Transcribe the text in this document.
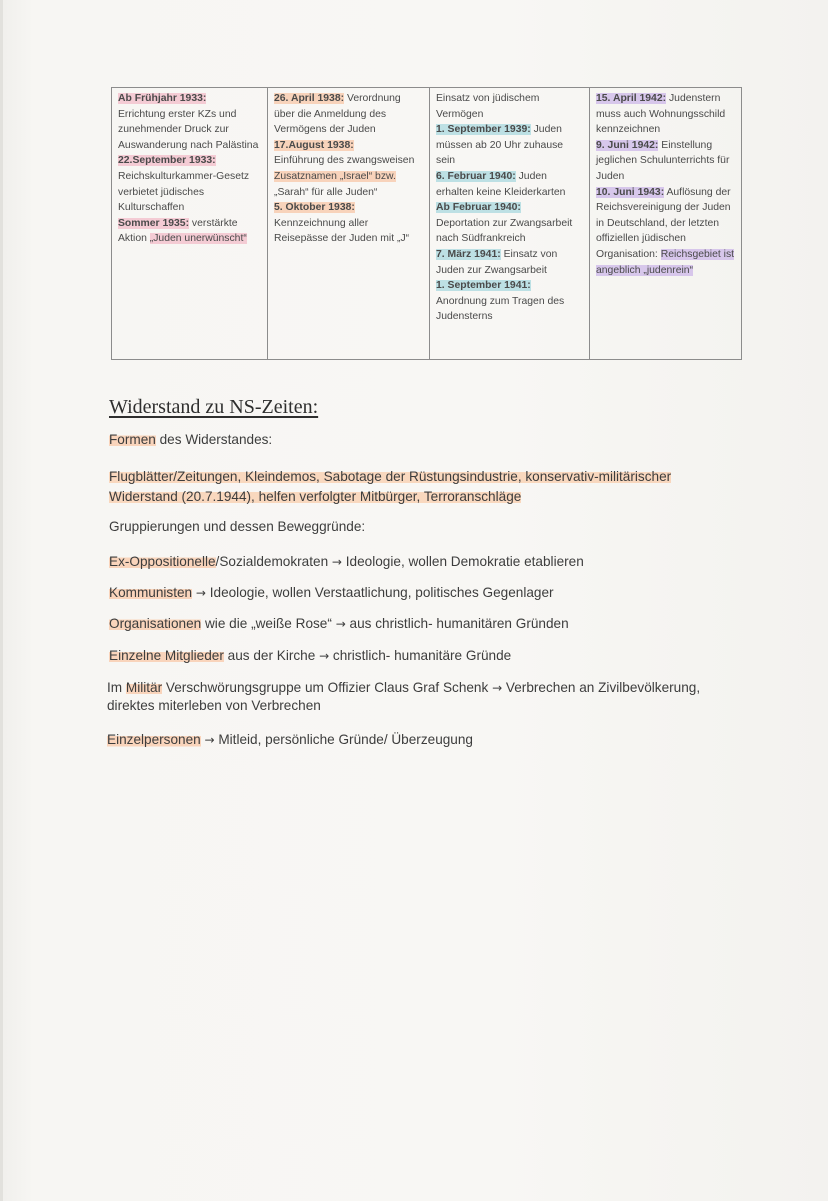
Ab Frühjahr 1933:
Errichtung erster KZs und zunehmender Druck zur Auswanderung nach Palästina
22.September 1933:
Reichskulturkammer-Gesetz verbietet jüdisches Kulturschaffen
Sommer 1935: verstärkte Aktion „Juden unerwünscht“	26. April 1938: Verordnung über die Anmeldung des Vermögens der Juden
17.August 1938:
Einführung des zwangsweisen Zusatznamen „Israel“ bzw. „Sarah“ für alle Juden“
5. Oktober 1938:
Kennzeichnung aller Reisepässe der Juden mit „J“	Einsatz von jüdischem Vermögen
1. September 1939: Juden müssen ab 20 Uhr zuhause sein
6. Februar 1940: Juden erhalten keine Kleiderkarten
Ab Februar 1940:
Deportation zur Zwangsarbeit nach Südfrankreich
7. März 1941: Einsatz von Juden zur Zwangsarbeit
1. September 1941:
Anordnung zum Tragen des Judensterns	15. April 1942: Judenstern muss auch Wohnungsschild kennzeichnen
9. Juni 1942: Einstellung jeglichen Schulunterrichts für Juden
10. Juni 1943: Auflösung der Reichsvereinigung der Juden in Deutschland, der letzten offiziellen jüdischen Organisation: Reichsgebiet ist angeblich „judenrein“
Widerstand zu NS-Zeiten:
Formen des Widerstandes:
Flugblätter/Zeitungen, Kleindemos, Sabotage der Rüstungsindustrie, konservativ-militärischer
Widerstand (20.7.1944), helfen verfolgter Mitbürger, Terroranschläge
Gruppierungen und dessen Beweggründe:
Ex-Oppositionelle/Sozialdemokraten → Ideologie, wollen Demokratie etablieren
Kommunisten → Ideologie, wollen Verstaatlichung, politisches Gegenlager
Organisationen wie die „weiße Rose“ → aus christlich- humanitären Gründen
Einzelne Mitglieder aus der Kirche → christlich- humanitäre Gründe
Im Militär Verschwörungsgruppe um Offizier Claus Graf Schenk → Verbrechen an Zivilbevölkerung,
direktes miterleben von Verbrechen
Einzelpersonen → Mitleid, persönliche Gründe/ Überzeugung
